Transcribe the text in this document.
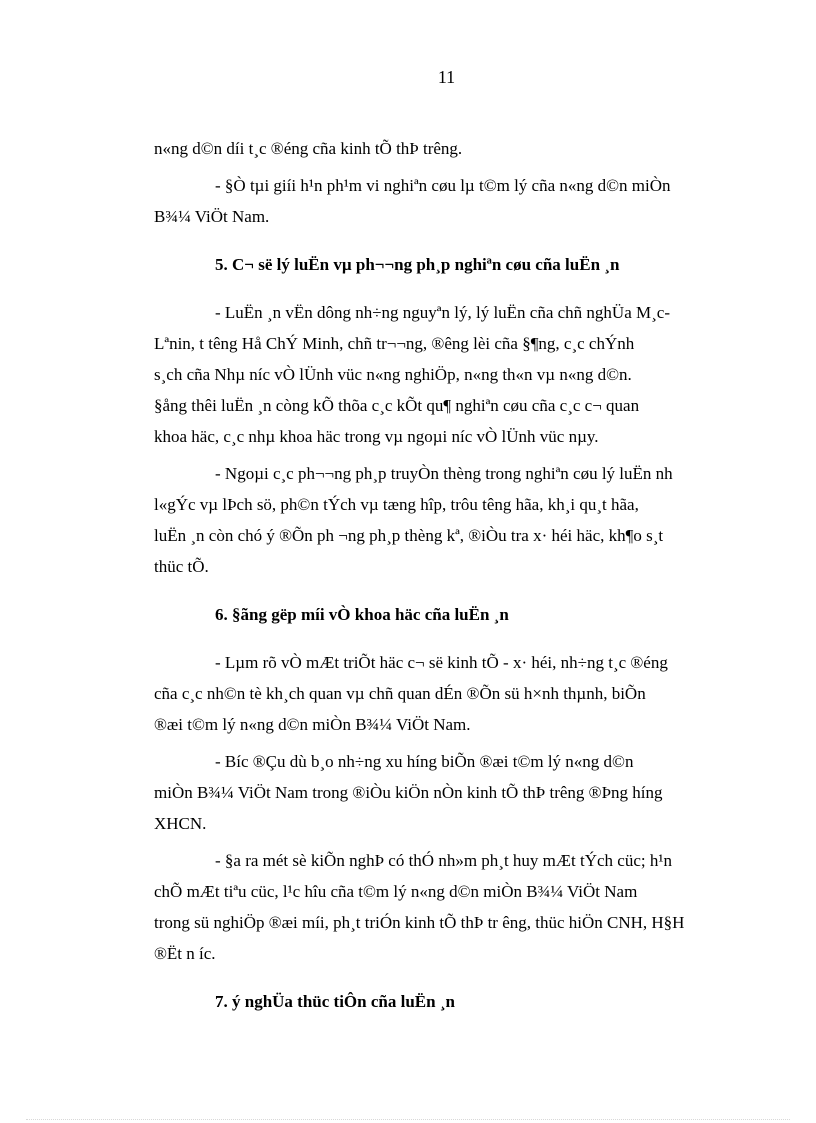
11

n«ng d©n díi t¸c ®éng cña kinh tÕ thÞ trêng.

- §Ò tµi giíi h¹n ph¹m vi nghiªn cøu lµ t©m lý cña n«ng d©n miÒn
B¾¼ ViÖt Nam.

5. C¬ së lý luËn vµ ph¬¬ng ph¸p nghiªn cøu cña luËn ¸n

- LuËn ¸n vËn dông nh÷ng nguyªn lý, lý luËn cña chñ nghÜa M¸c-
Lªnin, t têng Hå ChÝ Minh, chñ tr¬¬ng, ®êng lèi cña §¶ng, c¸c chÝnh
s¸ch cña Nhµ níc vÒ lÜnh vüc n«ng nghiÖp, n«ng th«n vµ n«ng d©n.
§ång thêi luËn ¸n còng kÕ thõa c¸c kÕt qu¶ nghiªn cøu cña c¸c c¬ quan
khoa häc, c¸c nhµ khoa häc trong vµ ngoµi níc vÒ lÜnh vüc nµy.

- Ngoµi c¸c ph¬¬ng ph¸p truyÒn thèng trong nghiªn cøu lý luËn nh
l«gÝc vµ lÞch sö, ph©n tÝch vµ tæng hîp, trôu têng hãa, kh¸i qu¸t hãa,
luËn ¸n còn chó ý ®Õn ph ¬ng ph¸p thèng kª, ®iÒu tra x· héi häc, kh¶o s¸t
thüc tÕ.

6. §ãng gëp míi vÒ khoa häc cña luËn ¸n

- Lµm rõ vÒ mÆt triÕt häc c¬ së kinh tÕ - x· héi, nh÷ng t¸c ®éng
cña c¸c nh©n tè kh¸ch quan vµ chñ quan dÉn ®Õn sü h×nh thµnh, biÕn
®æi t©m lý n«ng d©n miÒn B¾¼ ViÖt Nam.

- Bíc ®Çu dù b¸o nh÷ng xu híng biÕn ®æi t©m lý n«ng d©n
miÒn B¾¼ ViÖt Nam trong ®iÒu kiÖn nÒn kinh tÕ thÞ trêng ®Þng híng
XHCN.

- §a ra mét sè kiÕn nghÞ có thÓ nh»m ph¸t huy mÆt tÝch cüc; h¹n
chÕ mÆt tiªu cüc, l¹c hîu cña t©m lý n«ng d©n miÒn B¾¼ ViÖt Nam
trong sü nghiÖp ®æi míi, ph¸t triÓn kinh tÕ thÞ tr êng, thüc hiÖn CNH, H§H
®Ët n íc.

7. ý nghÜa thüc tiÔn cña luËn ¸n
